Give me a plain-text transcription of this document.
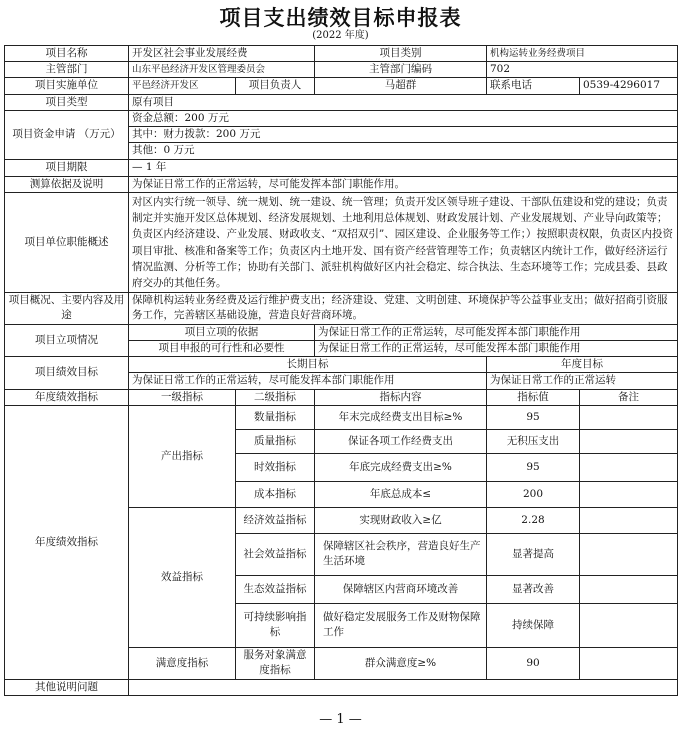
项目支出绩效目标申报表
(2022 年度)
项目名称	开发区社会事业发展经费		项目类别	机构运转业务经费项目	
主管部门	山东平邑经济开发区管理委员会		主管部门编码	702	
项目实施单位	平邑经济开发区	项目负责人	马超群	联系电话	0539-4296017
项目类型	原有项目				
项目资金申请 （万元）	资金总额：200 万元				
	其中：财力拨款：200 万元				
	其他：0 万元				
项目期限	— 1 年				
测算依据及说明	为保证日常工作的正常运转，尽可能发挥本部门职能作用。				
项目单位职能概述	对区内实行统一领导、统一规划、统一建设、统一管理；负责开发区领导班子建设、干部队伍建设和党的建设；负责制定并实施开发区总体规划、经济发展规划、土地利用总体规划、财政发展计划、产业发展规划、产业导向政策等；负责区内经济建设、产业发展、财政收支、“双招双引”、园区建设、企业服务等工作；）按照职责权限，负责区内投资项目审批、核准和备案等工作；负责区内土地开发、国有资产经营管理等工作；负责辖区内统计工作，做好经济运行情况监测、分析等工作；协助有关部门、派驻机构做好区内社会稳定、综合执法、生态环境等工作；完成县委、县政府交办的其他任务。				
项目概况、主要内容及用途	保障机构运转业务经费及运行维护费支出；经济建设、党建、文明创建、环境保护等公益事业支出；做好招商引资服务工作，完善辖区基础设施，营造良好营商环境。				
项目立项情况	项目立项的依据		为保证日常工作的正常运转，尽可能发挥本部门职能作用		
	项目申报的可行性和必要性		为保证日常工作的正常运转，尽可能发挥本部门职能作用		
项目绩效目标	长期目标			年度目标	
	为保证日常工作的正常运转，尽可能发挥本部门职能作用			为保证日常工作的正常运转	
年度绩效指标	一级指标	二级指标	指标内容	指标值	备注
年度绩效指标	产出指标	数量指标	年末完成经费支出目标≥%	95	
		质量指标	保证各项工作经费支出	无积压支出	
		时效指标	年底完成经费支出≥%	95	
		成本指标	年底总成本≤	200	
	效益指标	经济效益指标	实现财政收入≥亿	2.28	
		社会效益指标	保障辖区社会秩序，营造良好生产生活环境	显著提高	
		生态效益指标	保障辖区内营商环境改善	显著改善	
		可持续影响指标	做好稳定发展服务工作及财物保障工作	持续保障	
	满意度指标	服务对象满意度指标	群众满意度≥%	90	
其他说明问题					
— 1 —
